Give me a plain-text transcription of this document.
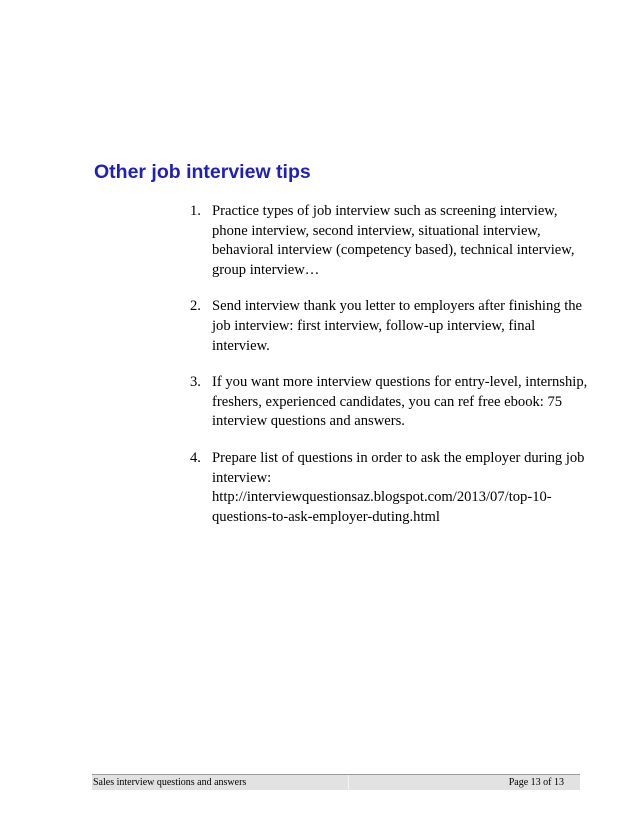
Other job interview tips
1. Practice types of job interview such as screening interview, phone interview, second interview, situational interview, behavioral interview (competency based), technical interview, group interview…
2. Send interview thank you letter to employers after finishing the job interview: first interview, follow-up interview, final interview.
3. If you want more interview questions for entry-level, internship, freshers, experienced candidates, you can ref free ebook: 75 interview questions and answers.
4. Prepare list of questions in order to ask the employer during job interview: http://interviewquestionsaz.blogspot.com/2013/07/top-10-questions-to-ask-employer-duting.html
Sales interview questions and answers	Page 13 of 13
